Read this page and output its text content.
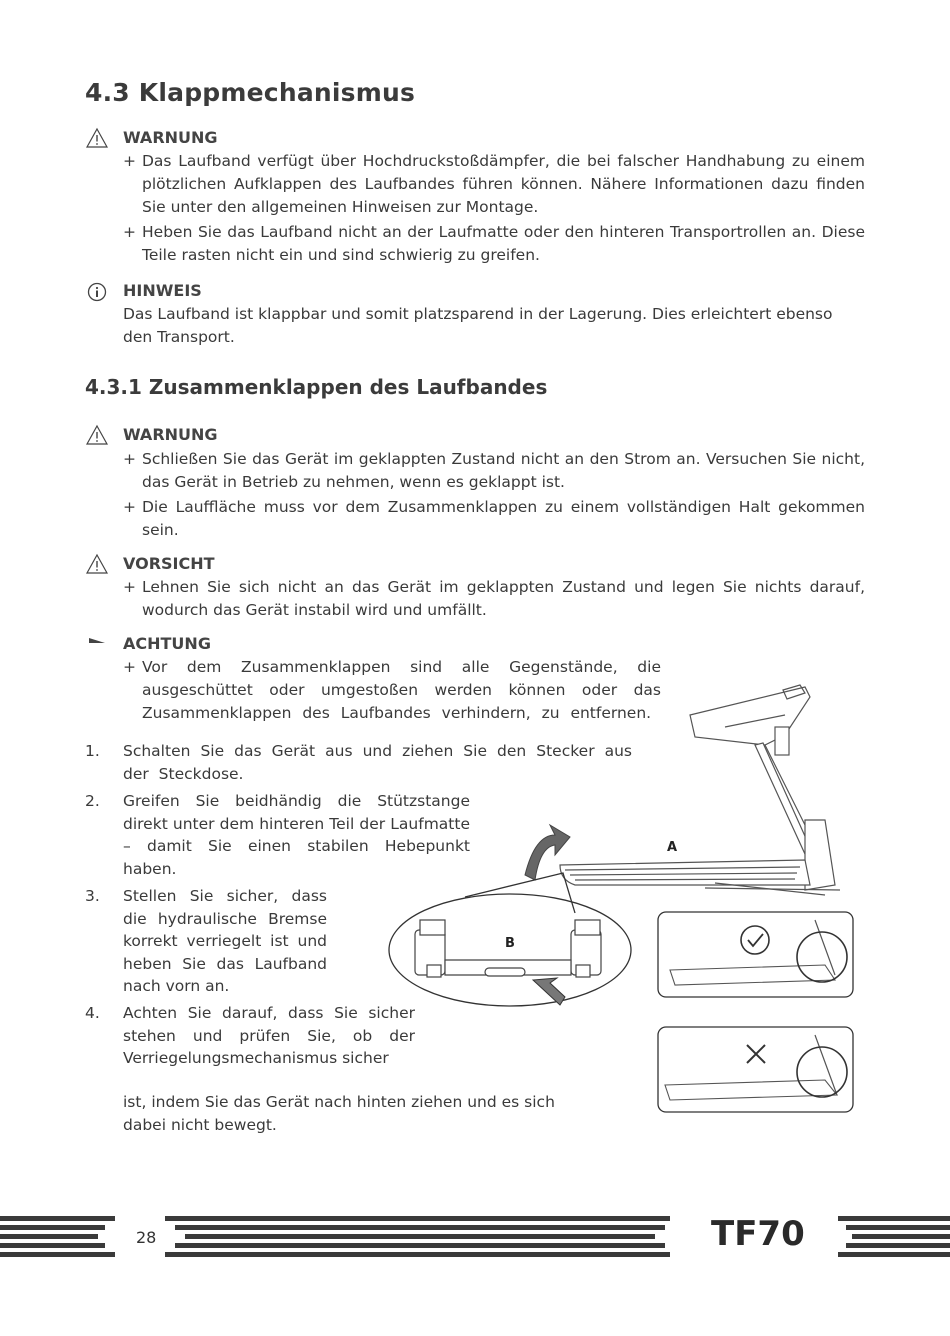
4.3 Klappmechanismus
WARNUNG
+ Das Laufband verfügt über Hochdruckstoßdämpfer, die bei falscher Handhabung zu einem plötzlichen Aufklappen des Laufbandes führen können. Nähere Informationen dazu finden Sie unter den allgemeinen Hinweisen zur Montage.
+ Heben Sie das Laufband nicht an der Laufmatte oder den hinteren Transportrollen an. Diese Teile rasten nicht ein und sind schwierig zu greifen.
HINWEIS
Das Laufband ist klappbar und somit platzsparend in der Lagerung. Dies erleichtert ebenso den Transport.
4.3.1 Zusammenklappen des Laufbandes
WARNUNG
+ Schließen Sie das Gerät im geklappten Zustand nicht an den Strom an. Versuchen Sie nicht, das Gerät in Betrieb zu nehmen, wenn es geklappt ist.
+ Die Lauffläche muss vor dem Zusammenklappen zu einem vollständigen Halt gekommen sein.
VORSICHT
+ Lehnen Sie sich nicht an das Gerät im geklappten Zustand und legen Sie nichts darauf, wodurch das Gerät instabil wird und umfällt.
ACHTUNG
+ Vor dem Zusammenklappen sind alle Gegenstände, die ausgeschüttet oder umgestoßen werden können oder das Zusammenklappen des Laufbandes verhindern, zu entfernen.
1. Schalten Sie das Gerät aus und ziehen Sie den Stecker aus der Steckdose.
2. Greifen Sie beidhändig die Stützstange direkt unter dem hinteren Teil der Laufmatte – damit Sie einen stabilen Hebepunkt haben.
3. Stellen Sie sicher, dass die hydraulische Bremse korrekt verriegelt ist und heben Sie das Laufband nach vorn an.
4. Achten Sie darauf, dass Sie sicher stehen und prüfen Sie, ob der Verriegelungsmechanismus sicher
ist, indem Sie das Gerät nach hinten ziehen und es sich dabei nicht bewegt.
A
B
28	TF70
